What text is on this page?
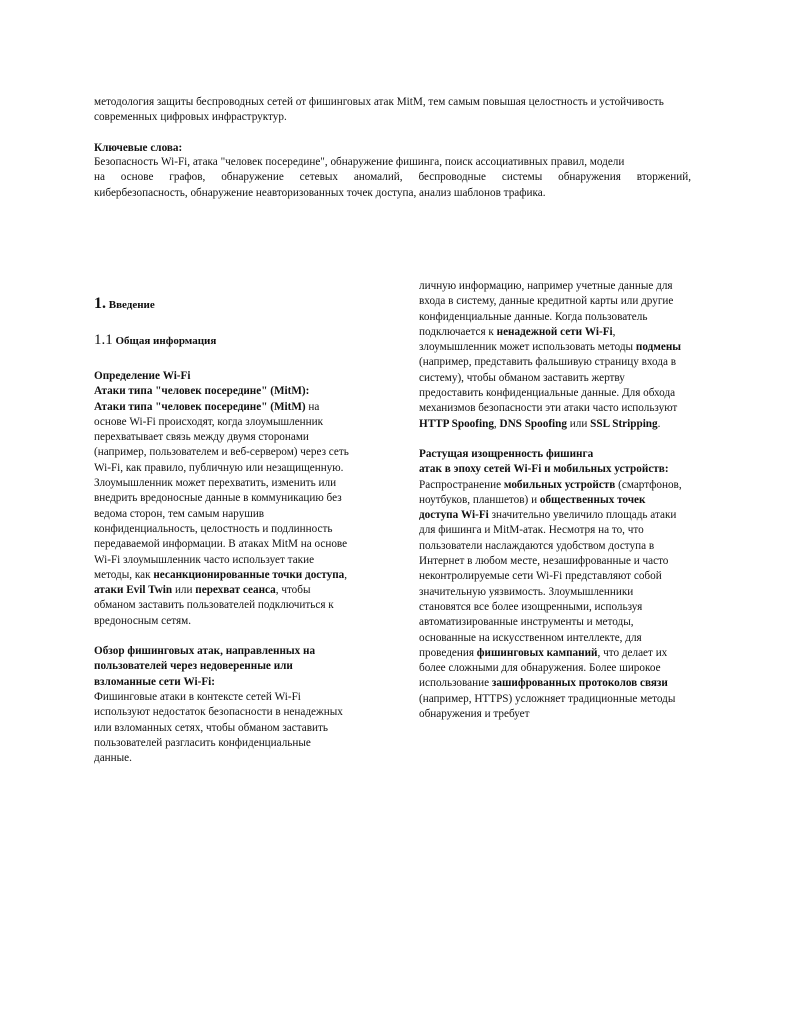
методология защиты беспроводных сетей от фишинговых атак MitM, тем самым повышая целостность и устойчивость
современных цифровых инфраструктур.
Ключевые слова:
Безопасность Wi-Fi, атака "человек посередине", обнаружение фишинга, поиск ассоциативных правил, модели
на основе графов, обнаружение сетевых аномалий, беспроводные системы обнаружения вторжений,
кибербезопасность, обнаружение неавторизованных точек доступа, анализ шаблонов трафика.
1. Введение
1.1 Общая информация
Определение Wi-Fi
Атаки типа "человек посередине" (MitM):
Атаки типа "человек посередине" (MitM) на
основе Wi-Fi происходят, когда злоумышленник
перехватывает связь между двумя сторонами
(например, пользователем и веб-сервером) через сеть
Wi-Fi, как правило, публичную или незащищенную.
Злоумышленник может перехватить, изменить или
внедрить вредоносные данные в коммуникацию без
ведома сторон, тем самым нарушив
конфиденциальность, целостность и подлинность
передаваемой информации. В атаках MitM на основе
Wi-Fi злоумышленник часто использует такие
методы, как несанкционированные точки доступа,
атаки Evil Twin или перехват сеанса, чтобы
обманом заставить пользователей подключиться к
вредоносным сетям.
Обзор фишинговых атак, направленных на
пользователей через недоверенные или
взломанные сети Wi-Fi:
Фишинговые атаки в контексте сетей Wi-Fi
используют недостаток безопасности в ненадежных
или взломанных сетях, чтобы обманом заставить
пользователей разгласить конфиденциальные
данные.
личную информацию, например учетные данные для
входа в систему, данные кредитной карты или другие
конфиденциальные данные. Когда пользователь
подключается к ненадежной сети Wi-Fi,
злоумышленник может использовать методы подмены
(например, представить фальшивую страницу входа в
систему), чтобы обманом заставить жертву
предоставить конфиденциальные данные. Для обхода
механизмов безопасности эти атаки часто используют
HTTP Spoofing, DNS Spoofing или SSL Stripping.
Растущая изощренность фишинга
атак в эпоху сетей Wi-Fi и мобильных устройств:
Распространение мобильных устройств (смартфонов,
ноутбуков, планшетов) и общественных точек
доступа Wi-Fi значительно увеличило площадь атаки
для фишинга и MitM-атак. Несмотря на то, что
пользователи наслаждаются удобством доступа в
Интернет в любом месте, незашифрованные и часто
неконтролируемые сети Wi-Fi представляют собой
значительную уязвимость. Злоумышленники
становятся все более изощренными, используя
автоматизированные инструменты и методы,
основанные на искусственном интеллекте, для
проведения фишинговых кампаний, что делает их
более сложными для обнаружения. Более широкое
использование зашифрованных протоколов связи
(например, HTTPS) усложняет традиционные методы
обнаружения и требует
